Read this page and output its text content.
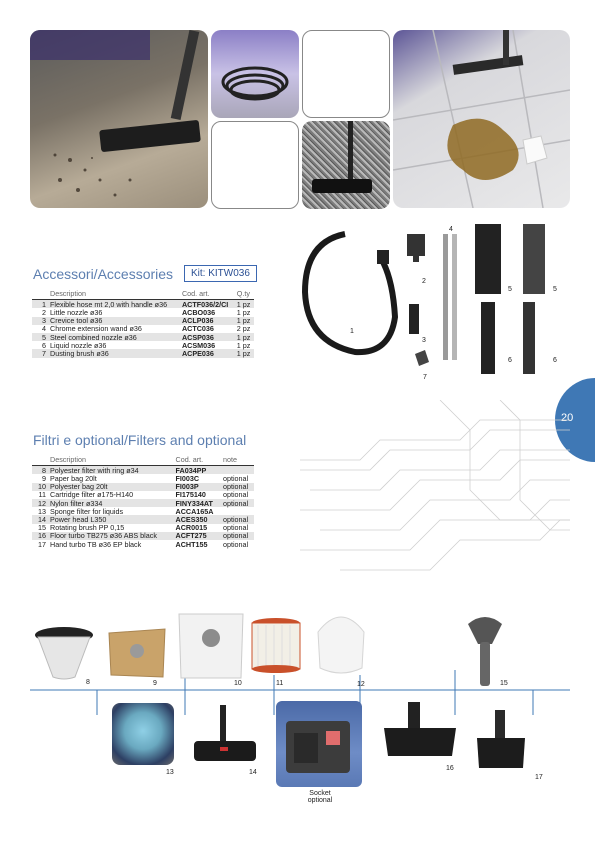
Accessori/Accessories	Kit: KITW036
	Description	Cod. art.	Q.ty
1	Flexible hose mt 2,0 with handle ø36	ACTF036/2/CI	1 pz
2	Little nozzle ø36	ACBO036	1 pz
3	Crevice tool ø36	ACLP036	1 pz
4	Chrome extension wand ø36	ACTC036	2 pz
5	Steel combined nozzle ø36	ACSP036	1 pz
6	Liquid nozzle ø36	ACSM036	1 pz
7	Dusting brush ø36	ACPE036	1 pz
1
2
3
4
5	5
6	6
7
20
Filtri e optional/Filters and optional
	Description	Cod. art.	note
8	Polyester filter with ring ø34	FA034PP	
9	Paper bag 20lt	FI003C	optional
10	Polyester bag 20lt	FI003P	optional
11	Cartridge filter ø175-H140	FI175140	optional
12	Nylon filter ø334	FINY334AT	optional
13	Sponge filter for liquids	ACCA165A	
14	Power head L350	ACES350	optional
15	Rotating brush PP 0,15	ACR0015	optional
16	Floor turbo TB275 ø36 ABS black	ACFT275	optional
17	Hand turbo TB ø36 EP black	ACHT155	optional
8	9	10	11	12	15
Socket
optional
13	14
16
17
